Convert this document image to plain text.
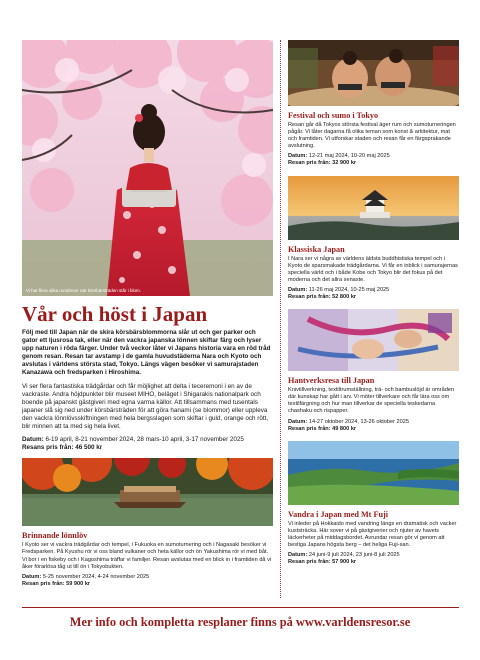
Vi har flera olika rundresor när körsbärsträden står i blom.
Vår och höst i Japan

Följ med till Japan när de skira körsbärsblommorna slår ut och ger parker och gator ett ljusrosa tak, eller när den vackra japanska lönnen skiftar färg och lyser upp naturen i röda färger. Under två veckor låter vi Japans historia vara en röd tråd genom resan. Resan tar avstamp i de gamla huvudstäderna Nara och Kyoto och avslutas i världens största stad, Tokyo. Längs vägen besöker vi samurajstaden Kanazawa och fredsparken i Hiroshima.

Vi ser flera fantastiska trädgårdar och får möjlighet att delta i teceremoni i en av de vackraste. Andra höjdpunkter blir museet MIHO, beläget i Shigarakis nationalpark och boende på japanskt gästgiveri med egna varma källor. Att tillsammans med tusentals japaner slå sig ned under körsbärsträden för att göra hanami (se blommor) eller uppleva den vackra lönnlövsskiftningen med hela bergsslagen som skiftar i guld, orange och rött, blir minnen att ta med sig hela livet.

Datum: 6-19 april, 8-21 november 2024, 28 mars-10 april, 3-17 november 2025

Resans pris från: 46 500 kr

Brinnande lönnlöv

I Kyoto ser vi vackra trädgårdar och tempel, i Fukuoka en sumoturnering och i Nagasaki besöker vi Fredsparken. På Kyushu rör vi oss bland vulkaner och heta källor och ön Yakushima rör vi med båt. Vi bor i en fiskeby och i Kagoshima träffar vi familjer. Resan avslutas med en blick in i framtiden då vi åker förarlösa tåg ut till ön i Tokyobukten.

Datum: 5-25 november 2024, 4-24 november 2025
Resan pris från: 59 900 kr

Festival och sumo i Tokyo

Resan går då Tokyos största festival äger rum och sumoturneringen pågår. Vi låter dagarna få olika teman som konst & arkitektur, mat och framtiden. Vi utforskar staden och resan får en färgsprakande avslutning.

Datum: 12-21 maj 2024, 10-20 maj 2025
Resan pris från: 32 900 kr

Klassiska Japan

I Nara ser vi några av världens äldsta buddhistiska tempel och i Kyoto de sparsmakade trädgårdarna. Vi får en inblick i samurajernas speciella värld och i både Kobe och Tokyo blir det fokus på det moderna och det allra senaste.

Datum: 11-26 maj 2024, 10-25 maj 2025
Resan pris från: 52 800 kr

Hantverksresa till Japan

Knivtillverkning, textiltrumställning, trä- och bambuslöjd är områden där kunskap har gått i arv. Vi möter tillverkare och får lära oss om textilfärgning och hur man tillverkar de speciella teskedarna chashaku och rispapper.

Datum: 14-27 oktober 2024, 13-26 oktober 2025
Resan pris från: 49 800 kr

Vandra i Japan med Mt Fuji

Vi inleder på Hokkaido med vandring längs en dramatisk och vacker kuststräcka. Här sover vi på gästgiverier och njuter av havets läckerheter på middagsbordet. Avrundar resan gör vi genom att bestiga Japans högsta berg – det heliga Fuji-san.

Datum: 24 juni-9 juli 2024, 23 juni-8 juli 2025
Resan pris från: 57 900 kr

Mer info och kompletta resplaner finns på www.varldensresor.se
